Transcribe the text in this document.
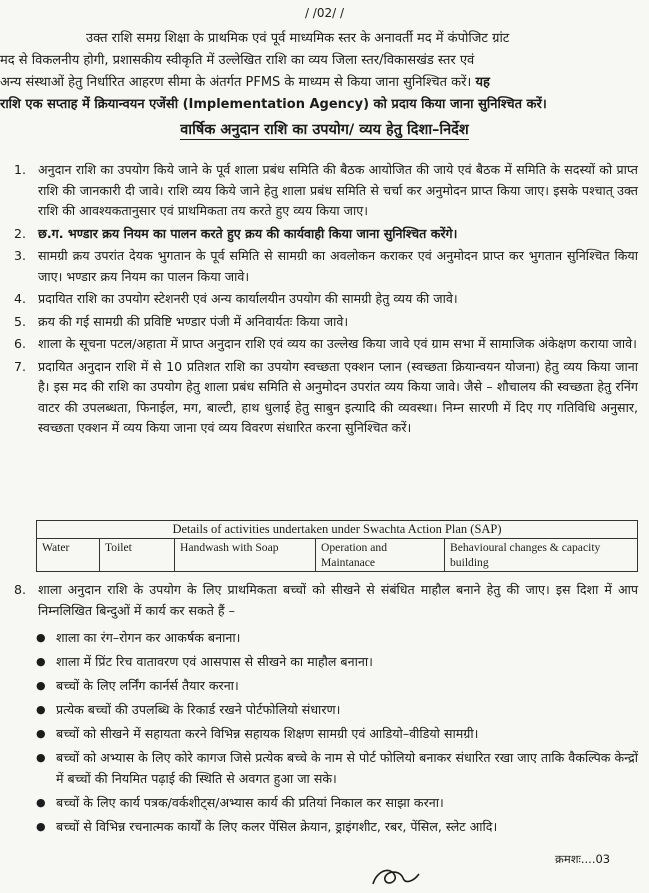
/ /02/ /

उक्त राशि समग्र शिक्षा के प्राथमिक एवं पूर्व माध्यमिक स्तर के अनावर्ती मद में कंपोजिट ग्रांट

मद से विकलनीय होगी, प्रशासकीय स्वीकृति में उल्लेखित राशि का व्यय जिला स्तर/विकासखंड स्तर एवं

अन्य संस्थाओं हेतु निर्धारित आहरण सीमा के अंतर्गत PFMS के माध्यम से किया जाना सुनिश्चित करें। यह

राशि एक सप्ताह में क्रियान्वयन एजेंसी (Implementation Agency) को प्रदाय किया जाना सुनिश्चित करें।

वार्षिक अनुदान राशि का उपयोग/ व्यय हेतु दिशा–निर्देश
1. अनुदान राशि का उपयोग किये जाने के पूर्व शाला प्रबंध समिति की बैठक आयोजित की जाये एवं बैठक में समिति के सदस्यों को प्राप्त राशि की जानकारी दी जावे। राशि व्यय किये जाने हेतु शाला प्रबंध समिति से चर्चा कर अनुमोदन प्राप्त किया जाए। इसके पश्चात् उक्त राशि की आवश्यकतानुसार एवं प्राथमिकता तय करते हुए व्यय किया जाए।
2. छ.ग. भण्डार क्रय नियम का पालन करते हुए क्रय की कार्यवाही किया जाना सुनिश्चित करेंगे।
3. सामग्री क्रय उपरांत देयक भुगतान के पूर्व समिति से सामग्री का अवलोकन कराकर एवं अनुमोदन प्राप्त कर भुगतान सुनिश्चित किया जाए। भण्डार क्रय नियम का पालन किया जावे।
4. प्रदायित राशि का उपयोग स्टेशनरी एवं अन्य कार्यालयीन उपयोग की सामग्री हेतु व्यय की जावे।
5. क्रय की गई सामग्री की प्रविष्टि भण्डार पंजी में अनिवार्यतः किया जावे।
6. शाला के सूचना पटल/अहाता में प्राप्त अनुदान राशि एवं व्यय का उल्लेख किया जावे एवं ग्राम सभा में सामाजिक अंकेक्षण कराया जावे।
7. प्रदायित अनुदान राशि में से 10 प्रतिशत राशि का उपयोग स्वच्छता एक्शन प्लान (स्वच्छता क्रियान्वयन योजना) हेतु व्यय किया जाना है। इस मद की राशि का उपयोग हेतु शाला प्रबंध समिति से अनुमोदन उपरांत व्यय किया जावे। जैसे – शौचालय की स्वच्छता हेतु रनिंग वाटर की उपलब्धता, फिनाईल, मग, बाल्टी, हाथ धुलाई हेतु साबुन इत्यादि की व्यवस्था। निम्न सारणी में दिए गए गतिविधि अनुसार, स्वच्छता एक्शन में व्यय किया जाना एवं व्यय विवरण संधारित करना सुनिश्चित करें।
Details of activities undertaken under Swachta Action Plan (SAP)
Water	Toilet	Handwash with Soap	Operation and Maintanace	Behavioural changes & capacity building
8. शाला अनुदान राशि के उपयोग के लिए प्राथमिकता बच्चों को सीखने से संबंधित माहौल बनाने हेतु की जाए। इस दिशा में आप निम्नलिखित बिन्दुओं में कार्य कर सकते हैं –
● शाला का रंग–रोगन कर आकर्षक बनाना।
● शाला में प्रिंट रिच वातावरण एवं आसपास से सीखने का माहौल बनाना।
● बच्चों के लिए लर्निंग कार्नर्स तैयार करना।
● प्रत्येक बच्चों की उपलब्धि के रिकार्ड रखने पोर्टफोलियो संधारण।
● बच्चों को सीखने में सहायता करने विभिन्न सहायक शिक्षण सामग्री एवं आडियो–वीडियो सामग्री।
● बच्चों को अभ्यास के लिए कोरे कागज जिसे प्रत्येक बच्चे के नाम से पोर्ट फोलियो बनाकर संधारित रखा जाए ताकि वैकल्पिक केन्द्रों में बच्चों की नियमित पढ़ाई की स्थिति से अवगत हुआ जा सके।
● बच्चों के लिए कार्य पत्रक/वर्कशीट्स/अभ्यास कार्य की प्रतियां निकाल कर साझा करना।
● बच्चों से विभिन्न रचनात्मक कार्यों के लिए कलर पेंसिल क्रेयान, ड्राइंगशीट, रबर, पेंसिल, स्लेट आदि।
क्रमशः....03
